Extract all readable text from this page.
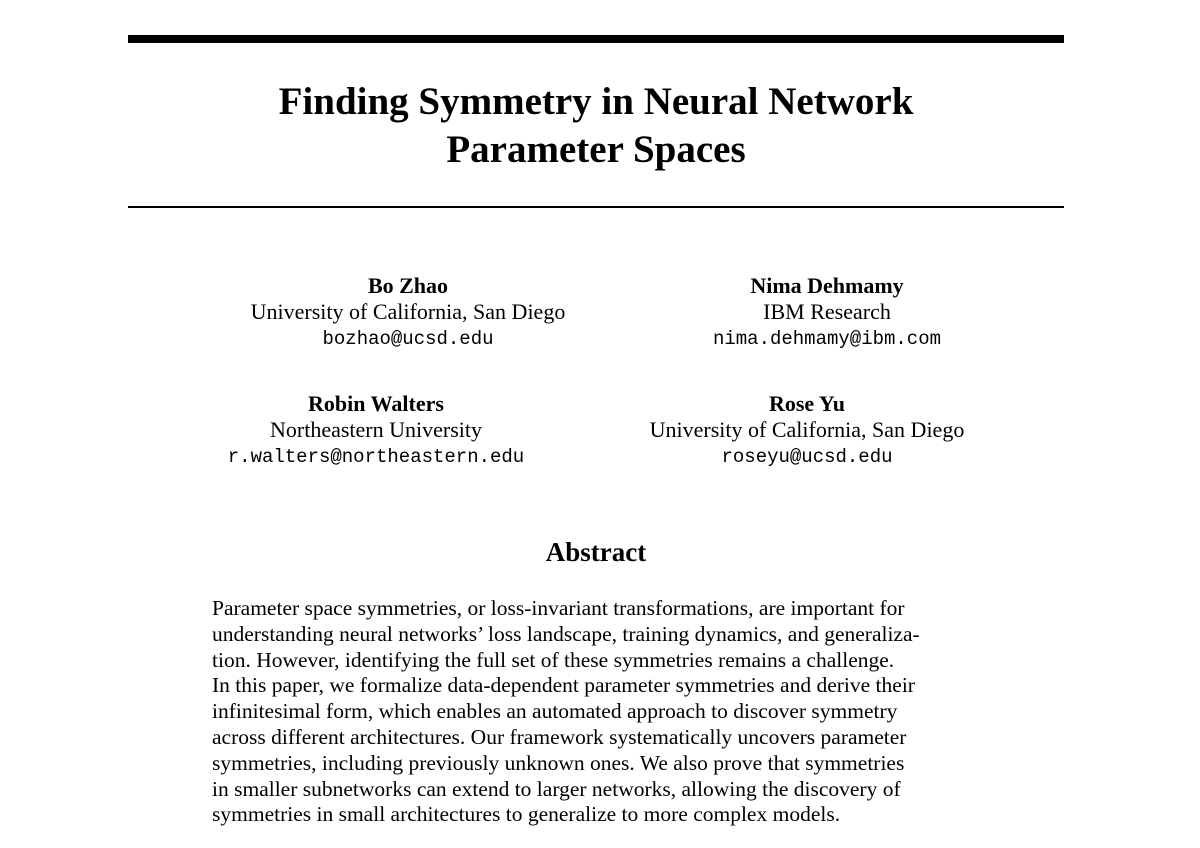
Finding Symmetry in Neural Network
Parameter Spaces
Bo Zhao
University of California, San Diego
bozhao@ucsd.edu
Nima Dehmamy
IBM Research
nima.dehmamy@ibm.com
Robin Walters
Northeastern University
r.walters@northeastern.edu
Rose Yu
University of California, San Diego
roseyu@ucsd.edu
Abstract
Parameter space symmetries, or loss-invariant transformations, are important for
understanding neural networks’ loss landscape, training dynamics, and generaliza-
tion. However, identifying the full set of these symmetries remains a challenge.
In this paper, we formalize data-dependent parameter symmetries and derive their
infinitesimal form, which enables an automated approach to discover symmetry
across different architectures. Our framework systematically uncovers parameter
symmetries, including previously unknown ones. We also prove that symmetries
in smaller subnetworks can extend to larger networks, allowing the discovery of
symmetries in small architectures to generalize to more complex models.
